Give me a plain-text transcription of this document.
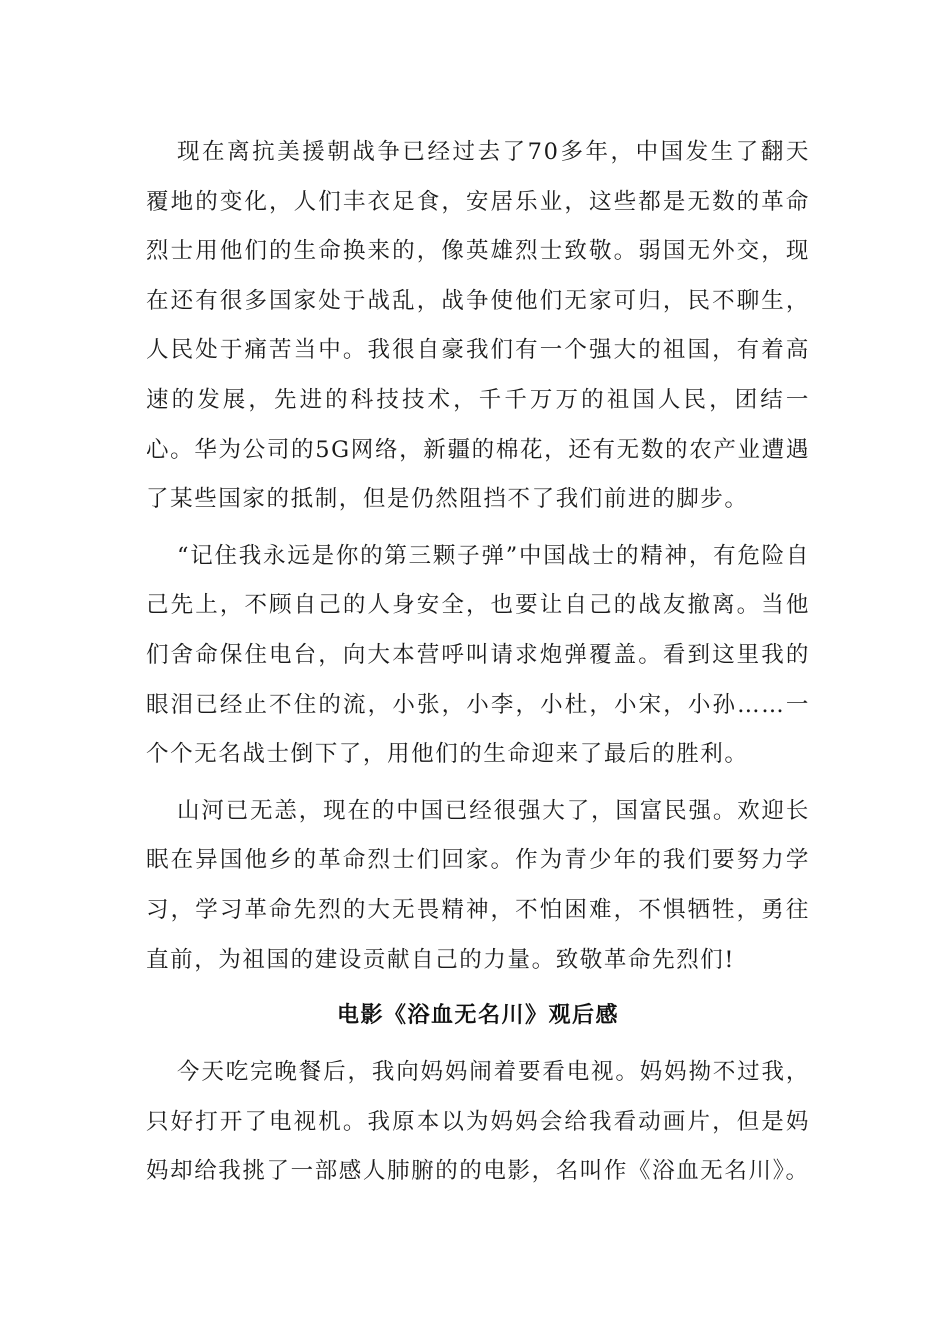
现在离抗美援朝战争已经过去了70多年，中国发生了翻天覆地的变化，人们丰衣足食，安居乐业，这些都是无数的革命烈士用他们的生命换来的，像英雄烈士致敬。弱国无外交，现在还有很多国家处于战乱，战争使他们无家可归，民不聊生，人民处于痛苦当中。我很自豪我们有一个强大的祖国，有着高速的发展，先进的科技技术，千千万万的祖国人民，团结一心。华为公司的5G网络，新疆的棉花，还有无数的农产业遭遇了某些国家的抵制，但是仍然阻挡不了我们前进的脚步。

“记住我永远是你的第三颗子弹”中国战士的精神，有危险自己先上，不顾自己的人身安全，也要让自己的战友撤离。当他们舍命保住电台，向大本营呼叫请求炮弹覆盖。看到这里我的眼泪已经止不住的流，小张，小李，小杜，小宋，小孙……一个个无名战士倒下了，用他们的生命迎来了最后的胜利。

山河已无恙，现在的中国已经很强大了，国富民强。欢迎长眠在异国他乡的革命烈士们回家。作为青少年的我们要努力学习，学习革命先烈的大无畏精神，不怕困难，不惧牺牲，勇往直前，为祖国的建设贡献自己的力量。致敬革命先烈们!

电影《浴血无名川》观后感

今天吃完晚餐后，我向妈妈闹着要看电视。妈妈拗不过我，只好打开了电视机。我原本以为妈妈会给我看动画片，但是妈妈却给我挑了一部感人肺腑的的电影，名叫作《浴血无名川》。
